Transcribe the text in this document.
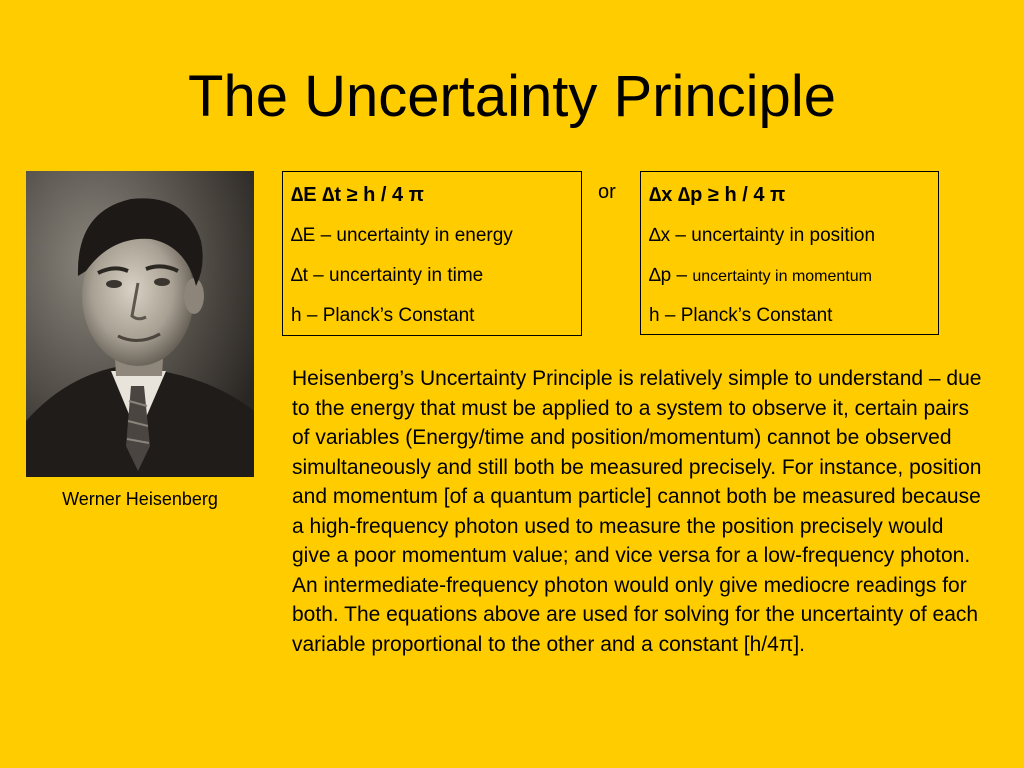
The Uncertainty Principle
Werner Heisenberg
∆E ∆t ≥ h / 4 π
∆E – uncertainty in energy
∆t – uncertainty in time
h – Planck’s Constant
or ∆x ∆p ≥ h / 4 π
∆x – uncertainty in position
∆p – uncertainty in momentum
h – Planck’s Constant

Heisenberg’s Uncertainty Principle is relatively simple to understand – due to the energy that must be applied to a system to observe it, certain pairs of variables (Energy/time and position/momentum) cannot be observed simultaneously and still both be measured precisely. For instance, position and momentum [of a quantum particle] cannot both be measured because a high-frequency photon used to measure the position precisely would give a poor momentum value; and vice versa for a low-frequency photon. An intermediate-frequency photon would only give mediocre readings for both. The equations above are used for solving for the uncertainty of each variable proportional to the other and a constant [h/4π].
